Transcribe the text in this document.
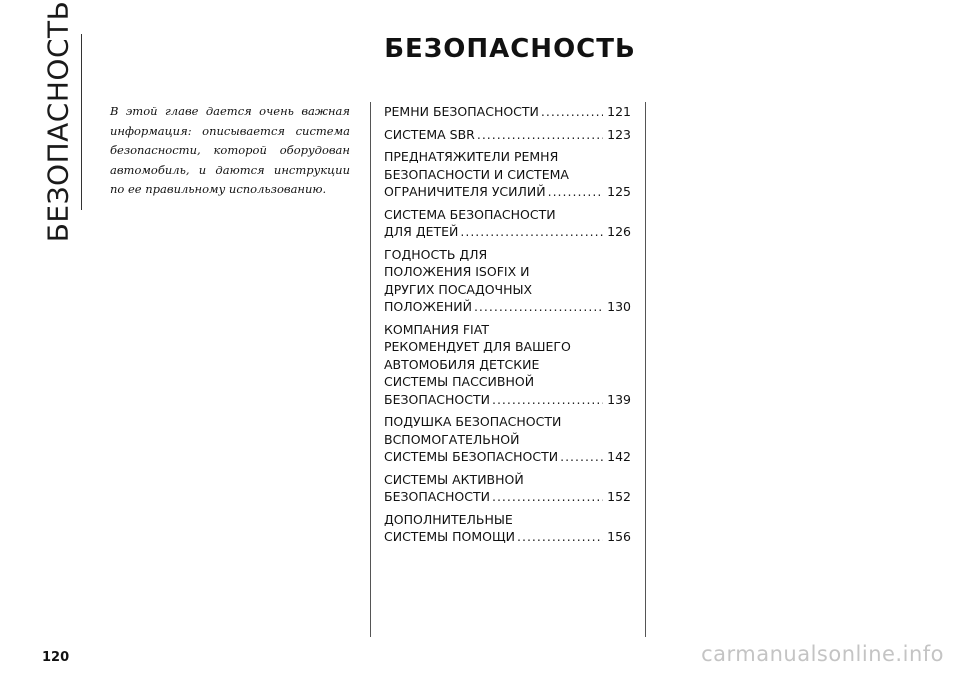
БЕЗОПАСНОСТЬ	БЕЗОПАСНОСТЬ
В этой главе дается очень важная информация: описывается система безопасности, которой оборудован автомобиль, и даются инструкции по ее правильному использованию.
РЕМНИ БЕЗОПАСНОСТИ .....	121
СИСТЕМА SBR .....	123
ПРЕДНАТЯЖИТЕЛИ РЕМНЯ
БЕЗОПАСНОСТИ И СИСТЕМА
ОГРАНИЧИТЕЛЯ УСИЛИЙ .....	125
СИСТЕМА БЕЗОПАСНОСТИ
ДЛЯ ДЕТЕЙ .....	126
ГОДНОСТЬ ДЛЯ
ПОЛОЖЕНИЯ ISOFIX И
ДРУГИХ ПОСАДОЧНЫХ
ПОЛОЖЕНИЙ .....	130
КОМПАНИЯ FIAT
РЕКОМЕНДУЕТ ДЛЯ ВАШЕГО
АВТОМОБИЛЯ ДЕТСКИЕ
СИСТЕМЫ ПАССИВНОЙ
БЕЗОПАСНОСТИ .....	139
ПОДУШКА БЕЗОПАСНОСТИ
ВСПОМОГАТЕЛЬНОЙ
СИСТЕМЫ БЕЗОПАСНОСТИ .....	142
СИСТЕМЫ АКТИВНОЙ
БЕЗОПАСНОСТИ .....	152
ДОПОЛНИТЕЛЬНЫЕ
СИСТЕМЫ ПОМОЩИ .....	156
120	carmanualsonline.info
